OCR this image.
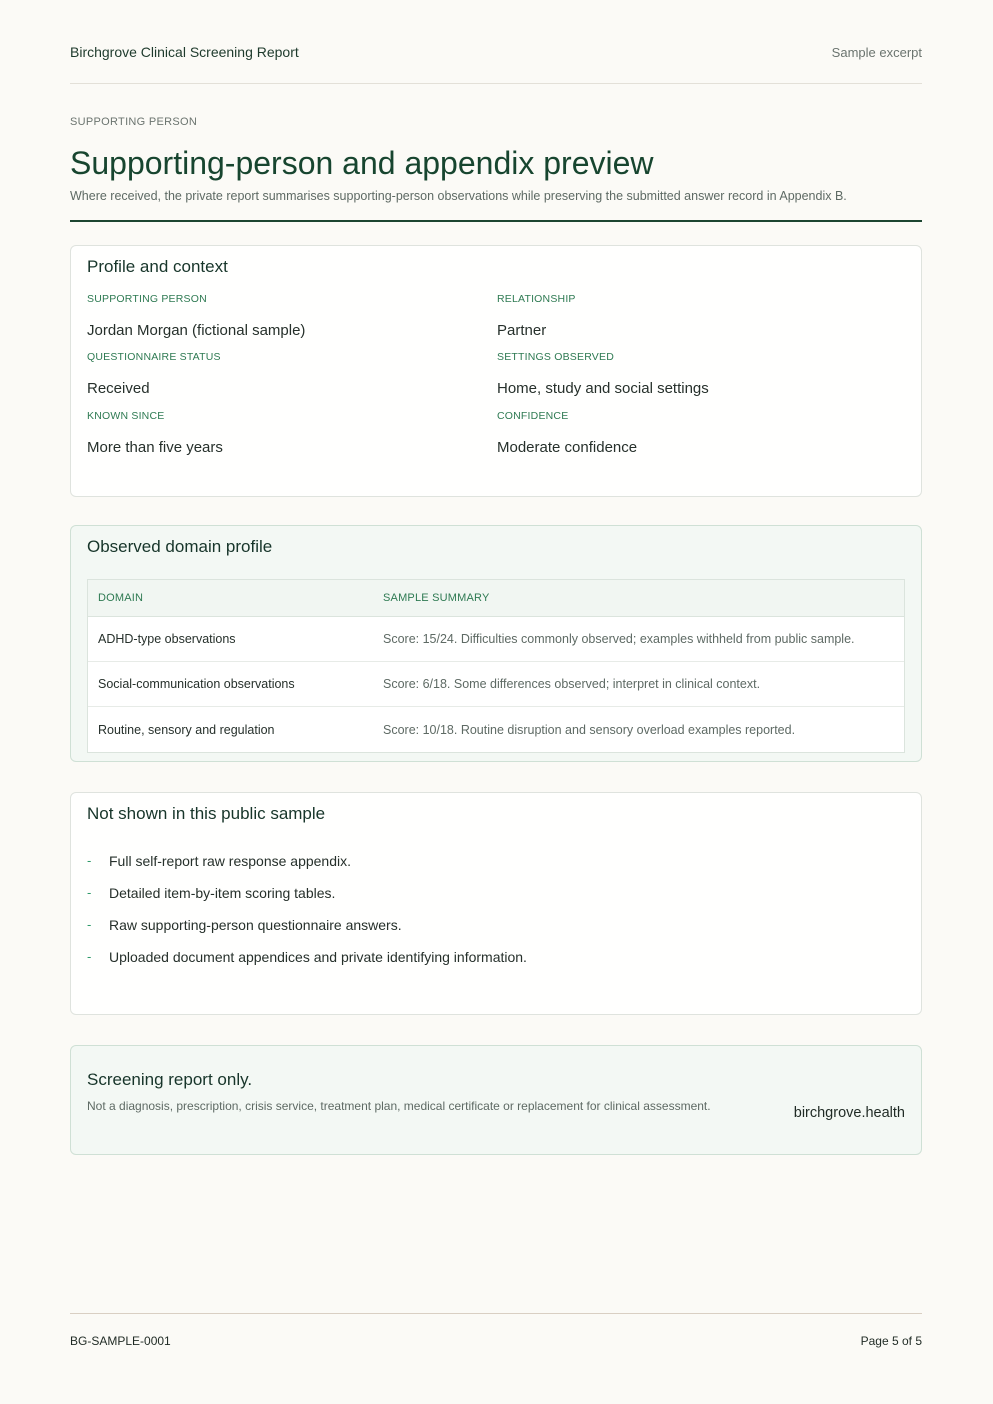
Birchgrove Clinical Screening Report	Sample excerpt
SUPPORTING PERSON
Supporting-person and appendix preview
Where received, the private report summarises supporting-person observations while preserving the submitted answer record in Appendix B.
Profile and context
SUPPORTING PERSON
Jordan Morgan (fictional sample)
RELATIONSHIP
Partner
QUESTIONNAIRE STATUS
Received
SETTINGS OBSERVED
Home, study and social settings
KNOWN SINCE
More than five years
CONFIDENCE
Moderate confidence
Observed domain profile
DOMAIN	SAMPLE SUMMARY
ADHD-type observations	Score: 15/24. Difficulties commonly observed; examples withheld from public sample.
Social-communication observations	Score: 6/18. Some differences observed; interpret in clinical context.
Routine, sensory and regulation	Score: 10/18. Routine disruption and sensory overload examples reported.
Not shown in this public sample
-	Full self-report raw response appendix.
-	Detailed item-by-item scoring tables.
-	Raw supporting-person questionnaire answers.
-	Uploaded document appendices and private identifying information.
Screening report only.
Not a diagnosis, prescription, crisis service, treatment plan, medical certificate or replacement for clinical assessment.	birchgrove.health
BG-SAMPLE-0001	Page 5 of 5
